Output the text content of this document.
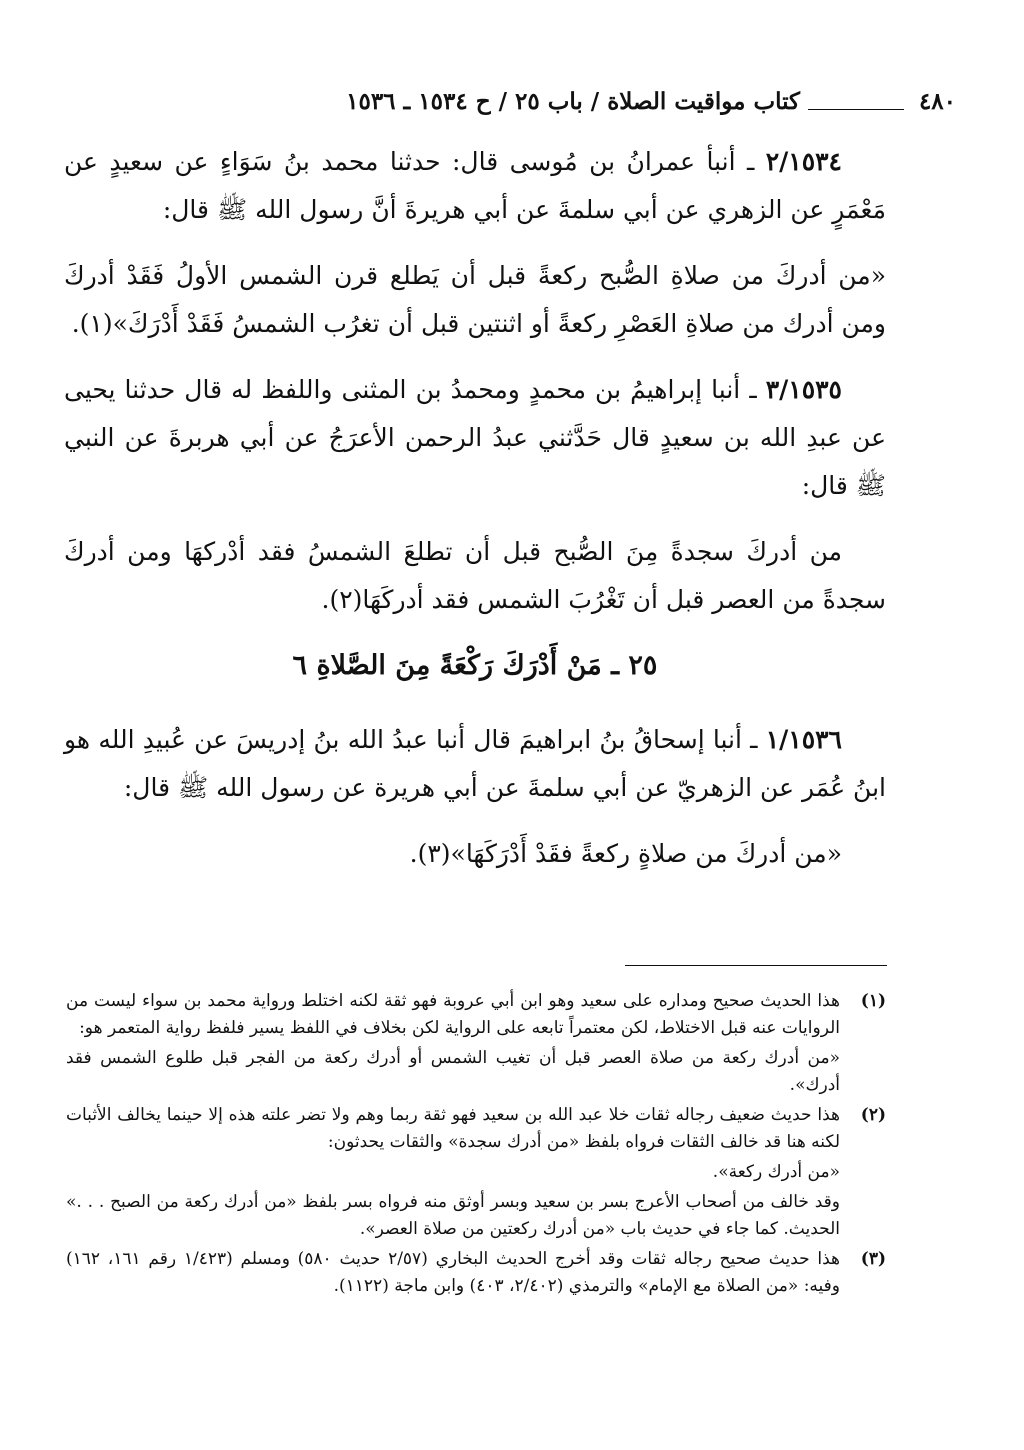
٤٨٠
كتاب مواقيت الصلاة / باب ٢٥ / ح ١٥٣٤ ـ ١٥٣٦

٢/١٥٣٤ ـ أنبأ عمرانُ بن مُوسى قال: حدثنا محمد بنُ سَوَاءٍ عن سعيدٍ عن مَعْمَرٍ عن الزهري عن أبي سلمةَ عن أبي هريرةَ أنَّ رسول الله ﷺ قال:

«من أدركَ من صلاةِ الصُّبح ركعةً قبل أن يَطلع قرن الشمس الأولُ فَقَدْ أدركَ ومن أدرك من صلاةِ العَصْرِ ركعةً أو اثنتين قبل أن تغرُب الشمسُ فَقَدْ أَدْرَكَ»(١).

٣/١٥٣٥ ـ أنبا إبراهيمُ بن محمدٍ ومحمدُ بن المثنى واللفظ له قال حدثنا يحيى عن عبدِ الله بن سعيدٍ قال حَدَّثني عبدُ الرحمن الأعرَجُ عن أبي هربرةَ عن النبي ﷺ قال:

من أدركَ سجدةً مِنَ الصُّبح قبل أن تطلعَ الشمسُ فقد أدْركهَا ومن أدركَ سجدةً من العصر قبل أن تَغْرُبَ الشمس فقد أدركَهَا(٢).

٢٥ ـ مَنْ أَدْرَكَ رَكْعَةً مِنَ الصَّلاةِ ٦

١/١٥٣٦ ـ أنبا إسحاقُ بنُ ابراهيمَ قال أنبا عبدُ الله بنُ إدريسَ عن عُبيدِ الله هو ابنُ عُمَر عن الزهريّ عن أبي سلمةَ عن أبي هريرة عن رسول الله ﷺ قال:

«من أدركَ من صلاةٍ ركعةً فقَدْ أَدْرَكَهَا»(٣).

(١)

هذا الحديث صحيح ومداره على سعيد وهو ابن أبي عروبة فهو ثقة لكنه اختلط ورواية محمد بن سواء ليست من الروايات عنه قبل الاختلاط، لكن معتمراً تابعه على الرواية لكن بخلاف في اللفظ يسير فلفظ رواية المتعمر هو:

«من أدرك ركعة من صلاة العصر قبل أن تغيب الشمس أو أدرك ركعة من الفجر قبل طلوع الشمس فقد أدرك».

(٢)

هذا حديث ضعيف رجاله ثقات خلا عبد الله بن سعيد فهو ثقة ربما وهم ولا تضر علته هذه إلا حينما يخالف الأثبات لكنه هنا قد خالف الثقات فرواه بلفظ «من أدرك سجدة» والثقات يحدثون:

«من أدرك ركعة».

وقد خالف من أصحاب الأعرج بسر بن سعيد وبسر أوثق منه فرواه بسر بلفظ «من أدرك ركعة من الصبح . . .» الحديث. كما جاء في حديث باب «من أدرك ركعتين من صلاة العصر».

(٣)

هذا حديث صحيح رجاله ثقات وقد أخرج الحديث البخاري (٢/٥٧ حديث ٥٨٠) ومسلم (١/٤٢٣ رقم ١٦١، ١٦٢) وفيه: «من الصلاة مع الإمام» والترمذي (٢/٤٠٢، ٤٠٣) وابن ماجة (١١٢٢).
